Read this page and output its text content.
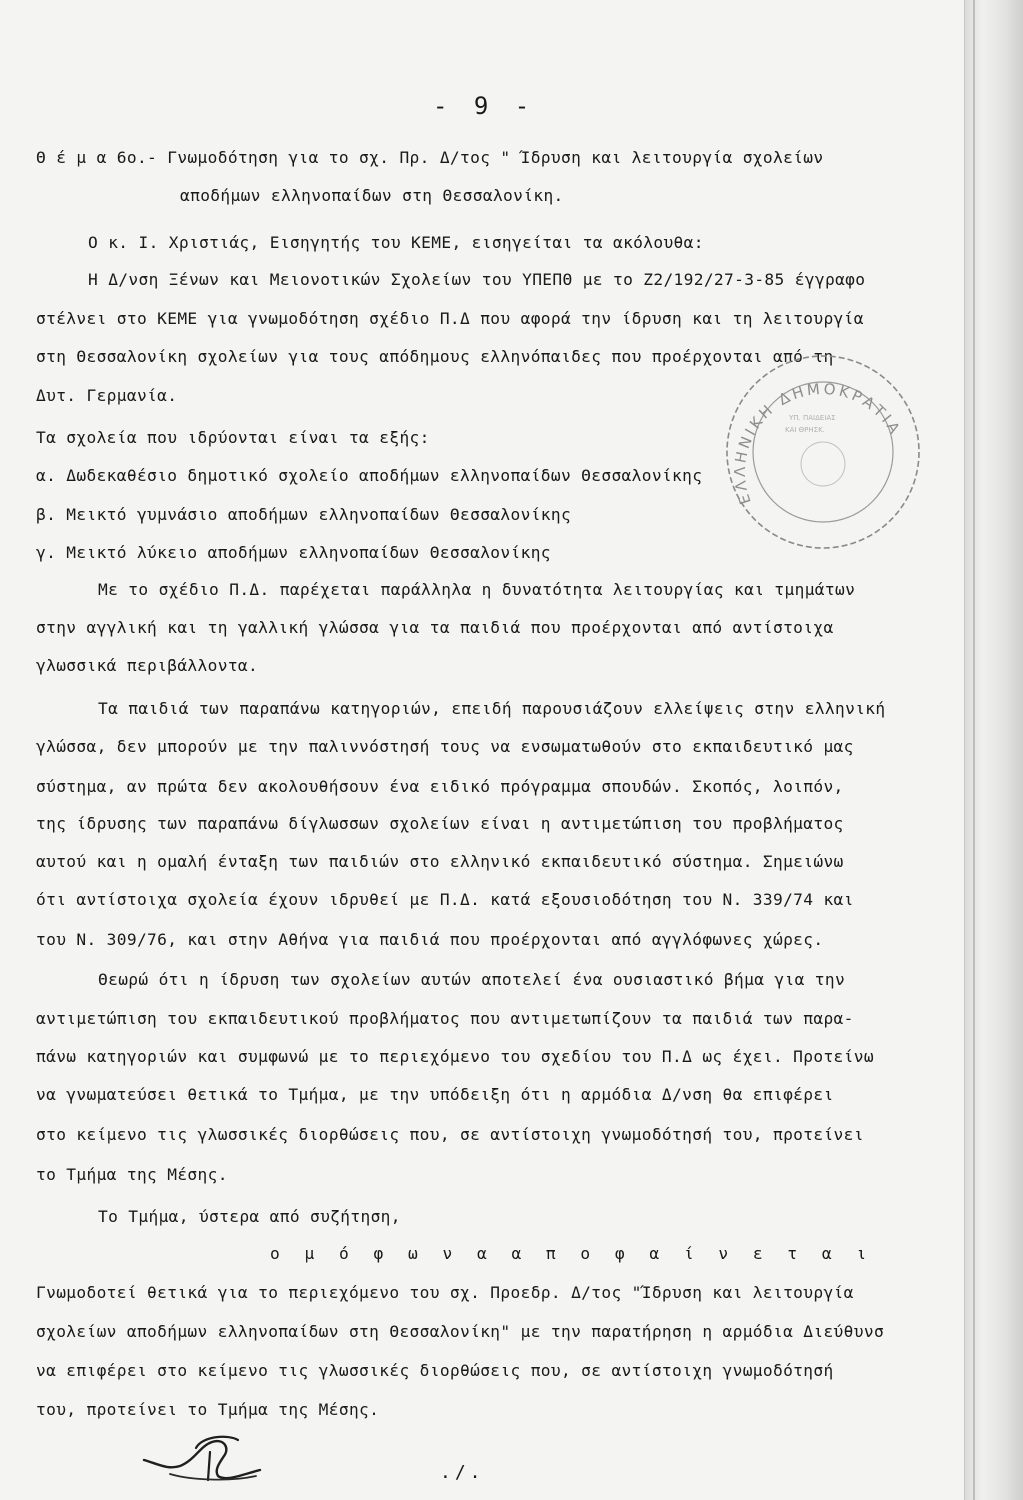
- 9 -
Θ έ μ α 6ο.- Γνωμοδότηση για το σχ. Πρ. Δ/τος " Ίδρυση και λειτουργία σχολείων
αποδήμων ελληνοπαίδων στη Θεσσαλονίκη.
Ο κ. Ι. Χριστιάς, Εισηγητής του ΚΕΜΕ, εισηγείται τα ακόλουθα:
Η Δ/νση Ξένων και Μειονοτικών Σχολείων του ΥΠΕΠΘ με το Ζ2/192/27-3-85 έγγραφο
στέλνει στο ΚΕΜΕ για γνωμοδότηση σχέδιο Π.Δ που αφορά την ίδρυση και τη λειτουργία
στη Θεσσαλονίκη σχολείων για τους απόδημους ελληνόπαιδες που προέρχονται από τη
Δυτ. Γερμανία.
Τα σχολεία που ιδρύονται είναι τα εξής:
α. Δωδεκαθέσιο δημοτικό σχολείο αποδήμων ελληνοπαίδων Θεσσαλονίκης
β. Μεικτό γυμνάσιο αποδήμων ελληνοπαίδων Θεσσαλονίκης
γ. Μεικτό λύκειο αποδήμων ελληνοπαίδων Θεσσαλονίκης
Με το σχέδιο Π.Δ. παρέχεται παράλληλα η δυνατότητα λειτουργίας και τμημάτων
στην αγγλική και τη γαλλική γλώσσα για τα παιδιά που προέρχονται από αντίστοιχα
γλωσσικά περιβάλλοντα.
Τα παιδιά των παραπάνω κατηγοριών, επειδή παρουσιάζουν ελλείψεις στην ελληνική
γλώσσα, δεν μπορούν με την παλιννόστησή τους να ενσωματωθούν στο εκπαιδευτικό μας
σύστημα, αν πρώτα δεν ακολουθήσουν ένα ειδικό πρόγραμμα σπουδών. Σκοπός, λοιπόν,
της ίδρυσης των παραπάνω δίγλωσσων σχολείων είναι η αντιμετώπιση του προβλήματος
αυτού και η ομαλή ένταξη των παιδιών στο ελληνικό εκπαιδευτικό σύστημα. Σημειώνω
ότι αντίστοιχα σχολεία έχουν ιδρυθεί με Π.Δ. κατά εξουσιοδότηση του Ν. 339/74 και
του Ν. 309/76, και στην Αθήνα για παιδιά που προέρχονται από αγγλόφωνες χώρες.
Θεωρώ ότι η ίδρυση των σχολείων αυτών αποτελεί ένα ουσιαστικό βήμα για την
αντιμετώπιση του εκπαιδευτικού προβλήματος που αντιμετωπίζουν τα παιδιά των παρα-
πάνω κατηγοριών και συμφωνώ με το περιεχόμενο του σχεδίου του Π.Δ ως έχει. Προτείνω
να γνωματεύσει θετικά το Τμήμα, με την υπόδειξη ότι η αρμόδια Δ/νση θα επιφέρει
στο κείμενο τις γλωσσικές διορθώσεις που, σε αντίστοιχη γνωμοδότησή του, προτείνει
το Τμήμα της Μέσης.
Το Τμήμα, ύστερα από συζήτηση,
ο μ ό φ ω ν α α π ο φ α ί ν ε τ α ι
Γνωμοδοτεί θετικά για το περιεχόμενο του σχ. Προεδρ. Δ/τος "Ίδρυση και λειτουργία
σχολείων αποδήμων ελληνοπαίδων στη Θεσσαλονίκη" με την παρατήρηση η αρμόδια Διεύθυνσ
να επιφέρει στο κείμενο τις γλωσσικές διορθώσεις που, σε αντίστοιχη γνωμοδότησή
του, προτείνει το Τμήμα της Μέσης.
ΕΛΛΗΝΙΚΗ ΔΗΜΟΚΡΑΤΙΑ
ΥΠ. ΠΑΙΔΕΙΑΣ
ΚΑΙ ΘΡΗΣΚ.
./.
